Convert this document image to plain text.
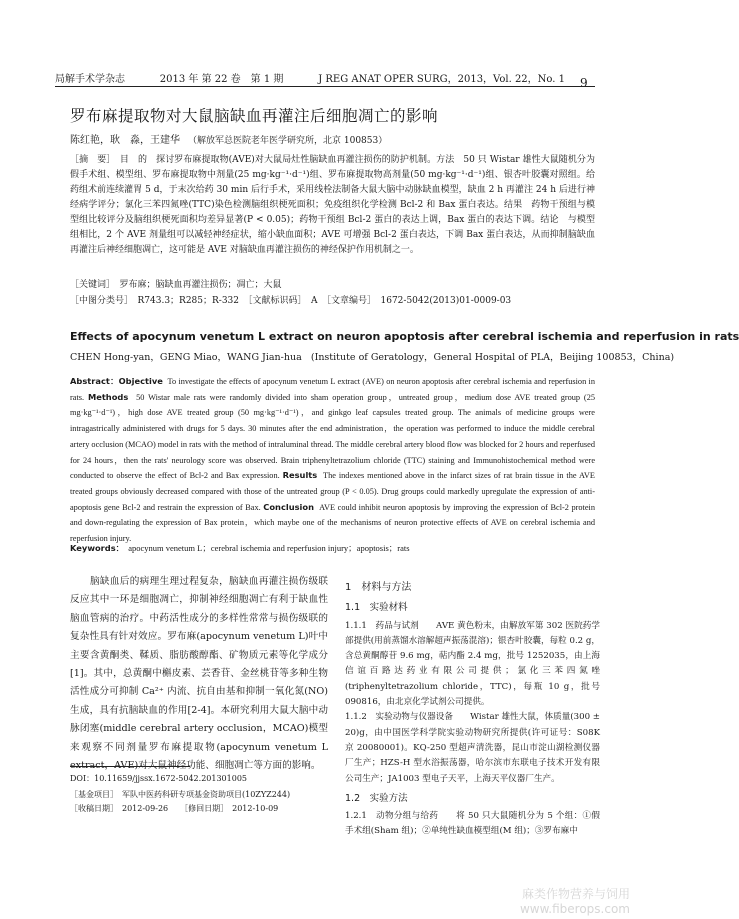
局解手术学杂志	2013 年 第 22 卷　第 1 期	J REG ANAT OPER SURG，2013，Vol. 22，No. 1 9
罗布麻提取物对大鼠脑缺血再灌注后细胞凋亡的影响
陈红艳，耿　淼，王建华 （解放军总医院老年医学研究所，北京 100853）
［摘　要］　目　的　探讨罗布麻提取物(AVE)对大鼠局灶性脑缺血再灌注损伤的防护机制。方法　50 只 Wistar 雄性大鼠随机分为假手术组、模型组、罗布麻提取物中剂量(25 mg·kg⁻¹·d⁻¹)组、罗布麻提取物高剂量(50 mg·kg⁻¹·d⁻¹)组、银杏叶胶囊对照组。给药组术前连续灌胃 5 d，于末次给药 30 min 后行手术，采用线栓法制备大鼠大脑中动脉缺血模型，缺血 2 h 再灌注 24 h 后进行神经病学评分；氯化三苯四氮唑(TTC)染色检测脑组织梗死面积；免疫组织化学检测 Bcl-2 和 Bax 蛋白表达。结果　药物干预组与模型组比较评分及脑组织梗死面积均差异显著(P < 0.05)；药物干预组 Bcl-2 蛋白的表达上调，Bax 蛋白的表达下调。结论　与模型组相比，2 个 AVE 剂量组可以减轻神经症状，缩小缺血面积；AVE 可增强 Bcl-2 蛋白表达，下调 Bax 蛋白表达，从而抑制脑缺血再灌注后神经细胞凋亡，这可能是 AVE 对脑缺血再灌注损伤的神经保护作用机制之一。
［关键词］　罗布麻；脑缺血再灌注损伤；凋亡；大鼠
［中图分类号］　R743.3；R285；R-332　［文献标识码］　A　［文章编号］　1672-5042(2013)01-0009-03
Effects of apocynum venetum L extract on neuron apoptosis after cerebral ischemia and reperfusion in rats
CHEN Hong-yan，GENG Miao，WANG Jian-hua (Institute of Geratology，General Hospital of PLA，Beijing 100853，China)
Abstract：Objective To investigate the effects of apocynum venetum L extract (AVE) on neuron apoptosis after cerebral ischemia and reperfusion in rats. Methods 50 Wistar male rats were randomly divided into sham operation group，untreated group，medium dose AVE treated group (25 mg·kg⁻¹·d⁻¹)，high dose AVE treated group (50 mg·kg⁻¹·d⁻¹)，and ginkgo leaf capsules treated group. The animals of medicine groups were intragastrically administered with drugs for 5 days. 30 minutes after the end administration，the operation was performed to induce the middle cerebral artery occlusion (MCAO) model in rats with the method of intraluminal thread. The middle cerebral artery blood flow was blocked for 2 hours and reperfused for 24 hours，then the rats' neurology score was observed. Brain triphenyltetrazolium chloride (TTC) staining and Immunohistochemical method were conducted to observe the effect of Bcl-2 and Bax expression. Results The indexes mentioned above in the infarct sizes of rat brain tissue in the AVE treated groups obviously decreased compared with those of the untreated group (P < 0.05). Drug groups could markedly upregulate the expression of anti-apoptosis gene Bcl-2 and restrain the expression of Bax. Conclusion AVE could inhibit neuron apoptosis by improving the expression of Bcl-2 protein and down-regulating the expression of Bax protein，which maybe one of the mechanisms of neuron protective effects of AVE on cerebral ischemia and reperfusion injury.
Keywords： apocynum venetum L；cerebral ischemia and reperfusion injury；apoptosis；rats
脑缺血后的病理生理过程复杂，脑缺血再灌注损伤级联反应其中一环是细胞凋亡，抑制神经细胞凋亡有利于缺血性脑血管病的治疗。中药活性成分的多样性常常与损伤级联的复杂性具有针对效应。罗布麻(apocynum venetum L)叶中主要含黄酮类、鞣质、脂肪酸醇酯、矿物质元素等化学成分[1]。其中，总黄酮中槲皮素、芸香苷、金丝桃苷等多种生物活性成分可抑制 Ca²⁺ 内流、抗自由基和抑制一氧化氮(NO)生成，具有抗脑缺血的作用[2-4]。本研究利用大鼠大脑中动脉闭塞(middle cerebral artery occlusion，MCAO)模型来观察不同剂量罗布麻提取物(apocynum venetum L extract，AVE)对大鼠神经功能、细胞凋亡等方面的影响。
1　材料与方法
1.1　实验材料

1.1.1　药品与试剂　　AVE 黄色粉末，由解放军第 302 医院药学部提供(用前蒸馏水溶解超声振荡混溶)；银杏叶胶囊，每粒 0.2 g，含总黄酮醇苷 9.6 mg，萜内酯 2.4 mg，批号 1252035，由上海信谊百路达药业有限公司提供；氯化三苯四氮唑(triphenyltetrazolium chloride，TTC)，每瓶 10 g，批号 090816，由北京化学试剂公司提供。

1.1.2　实验动物与仪器设备　　Wistar 雄性大鼠，体质量(300 ± 20)g，由中国医学科学院实验动物研究所提供(许可证号：S08K 京 20080001)。KQ-250 型超声清洗器，昆山市淀山湖检测仪器厂生产；HZS-H 型水浴振荡器，哈尔滨市东联电子技术开发有限公司生产；JA1003 型电子天平，上海天平仪器厂生产。

1.2　实验方法

1.2.1　动物分组与给药　　将 50 只大鼠随机分为 5 个组：①假手术组(Sham 组)；②单纯性缺血模型组(M 组)；③罗布麻中

DOI：10.11659/jjssx.1672-5042.201301005
［基金项目］　军队中医药科研专项基金资助项目(10ZYZ244)
［收稿日期］　2012-09-26　　［修回日期］　2012-10-09
麻类作物营养与饲用 www.fiberops.com
